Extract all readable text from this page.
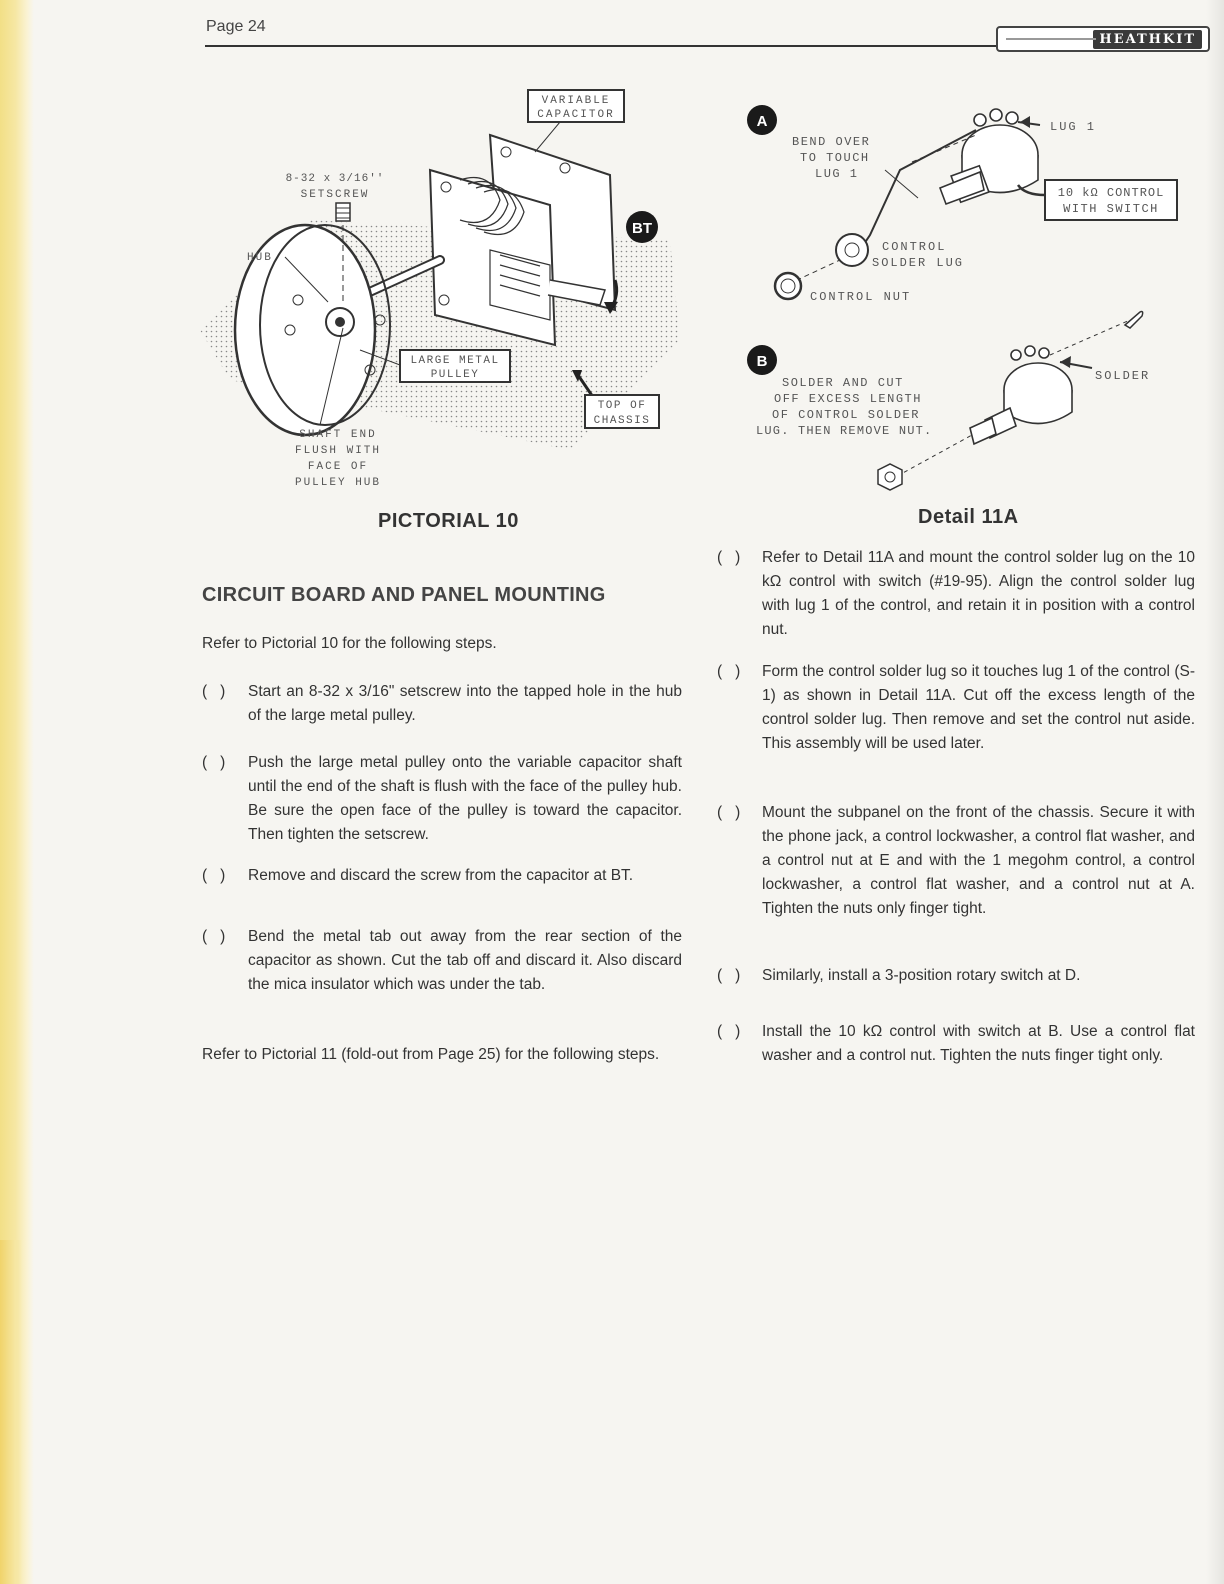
Page 24
HEATHKIT
VARIABLE
CAPACITOR
8-32 x 3/16''
SETSCREW
HUB
BT
LARGE METAL
PULLEY
TOP OF
CHASSIS
SHAFT END
FLUSH WITH
FACE OF
PULLEY HUB
PICTORIAL 10
A
BEND OVER
TO TOUCH
LUG 1
LUG 1
10 kΩ CONTROL
WITH SWITCH
CONTROL
SOLDER LUG
CONTROL NUT
B
SOLDER AND CUT
OFF EXCESS LENGTH
OF CONTROL SOLDER
LUG. THEN REMOVE NUT.
SOLDER
Detail 11A
CIRCUIT BOARD AND PANEL MOUNTING
Refer to Pictorial 10 for the following steps.
(   )	Start an 8-32 x 3/16" setscrew into the tapped hole in the hub of the large metal pulley.
(   )	Push the large metal pulley onto the variable capacitor shaft until the end of the shaft is flush with the face of the pulley hub. Be sure the open face of the pulley is toward the capacitor. Then tighten the setscrew.
(   )	Remove and discard the screw from the capacitor at BT.
(   )	Bend the metal tab out away from the rear section of the capacitor as shown. Cut the tab off and discard it. Also discard the mica insulator which was under the tab.
Refer to Pictorial 11 (fold-out from Page 25) for the following steps.
(   )	Refer to Detail 11A and mount the control solder lug on the 10 kΩ control with switch (#19-95). Align the control solder lug with lug 1 of the control, and retain it in position with a control nut.
(   )	Form the control solder lug so it touches lug 1 of the control (S-1) as shown in Detail 11A. Cut off the excess length of the control solder lug. Then remove and set the control nut aside. This assembly will be used later.
(   )	Mount the subpanel on the front of the chassis. Secure it with the phone jack, a control lockwasher, a control flat washer, and a control nut at E and with the 1 megohm control, a control lockwasher, a control flat washer, and a control nut at A. Tighten the nuts only finger tight.
(   )	Similarly, install a 3-position rotary switch at D.
(   )	Install the 10 kΩ control with switch at B. Use a control flat washer and a control nut. Tighten the nuts finger tight only.
